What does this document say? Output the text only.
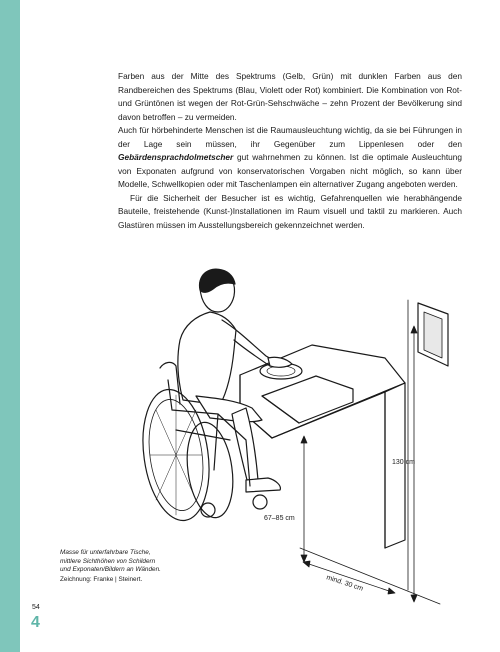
Farben aus der Mitte des Spektrums (Gelb, Grün) mit dunklen Farben aus den Randbereichen des Spektrums (Blau, Violett oder Rot) kombiniert. Die Kombination von Rot- und Grüntönen ist wegen der Rot-Grün-Sehschwäche – zehn Prozent der Bevölkerung sind davon betroffen – zu vermeiden.

Auch für hörbehinderte Menschen ist die Raumausleuchtung wichtig, da sie bei Führungen in der Lage sein müssen, ihr Gegenüber zum Lippenlesen oder den Gebärdensprachdolmetscher gut wahrnehmen zu können. Ist die optimale Ausleuchtung von Exponaten aufgrund von konservatorischen Vorgaben nicht möglich, so kann über Modelle, Schwellkopien oder mit Taschenlampen ein alternativer Zugang angeboten werden.

Für die Sicherheit der Besucher ist es wichtig, Gefahrenquellen wie herabhängende Bauteile, freistehende (Kunst-)Installationen im Raum visuell und taktil zu markieren. Auch Glastüren müssen im Ausstellungsbereich gekennzeichnet werden.

130 cm
67–85 cm
mind. 30 cm
Masse für unterfahrbare Tische, mittlere Sichthöhen von Schildern und Exponaten/Bildern an Wänden.
Zeichnung: Franke | Steinert.
54
4
